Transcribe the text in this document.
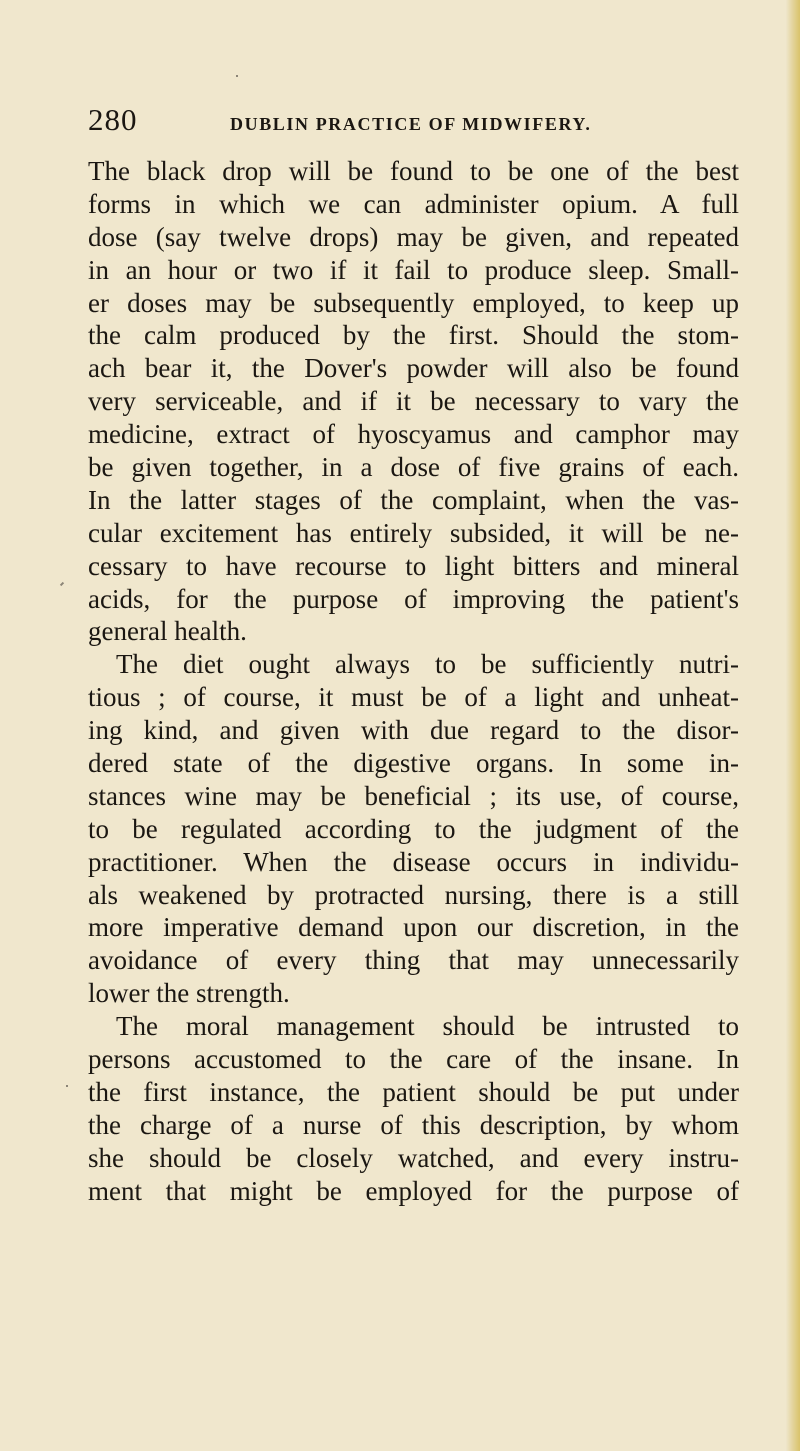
280	DUBLIN PRACTICE OF MIDWIFERY.
The black drop will be found to be one of the best
forms in which we can administer opium. A full
dose (say twelve drops) may be given, and repeated
in an hour or two if it fail to produce sleep. Small-
er doses may be subsequently employed, to keep up
the calm produced by the first. Should the stom-
ach bear it, the Dover's powder will also be found
very serviceable, and if it be necessary to vary the
medicine, extract of hyoscyamus and camphor may
be given together, in a dose of five grains of each.
In the latter stages of the complaint, when the vas-
cular excitement has entirely subsided, it will be ne-
cessary to have recourse to light bitters and mineral
acids, for the purpose of improving the patient's
general health.
The diet ought always to be sufficiently nutri-
tious ; of course, it must be of a light and unheat-
ing kind, and given with due regard to the disor-
dered state of the digestive organs. In some in-
stances wine may be beneficial ; its use, of course,
to be regulated according to the judgment of the
practitioner. When the disease occurs in individu-
als weakened by protracted nursing, there is a still
more imperative demand upon our discretion, in the
avoidance of every thing that may unnecessarily
lower the strength.
The moral management should be intrusted to
persons accustomed to the care of the insane. In
the first instance, the patient should be put under
the charge of a nurse of this description, by whom
she should be closely watched, and every instru-
ment that might be employed for the purpose of
